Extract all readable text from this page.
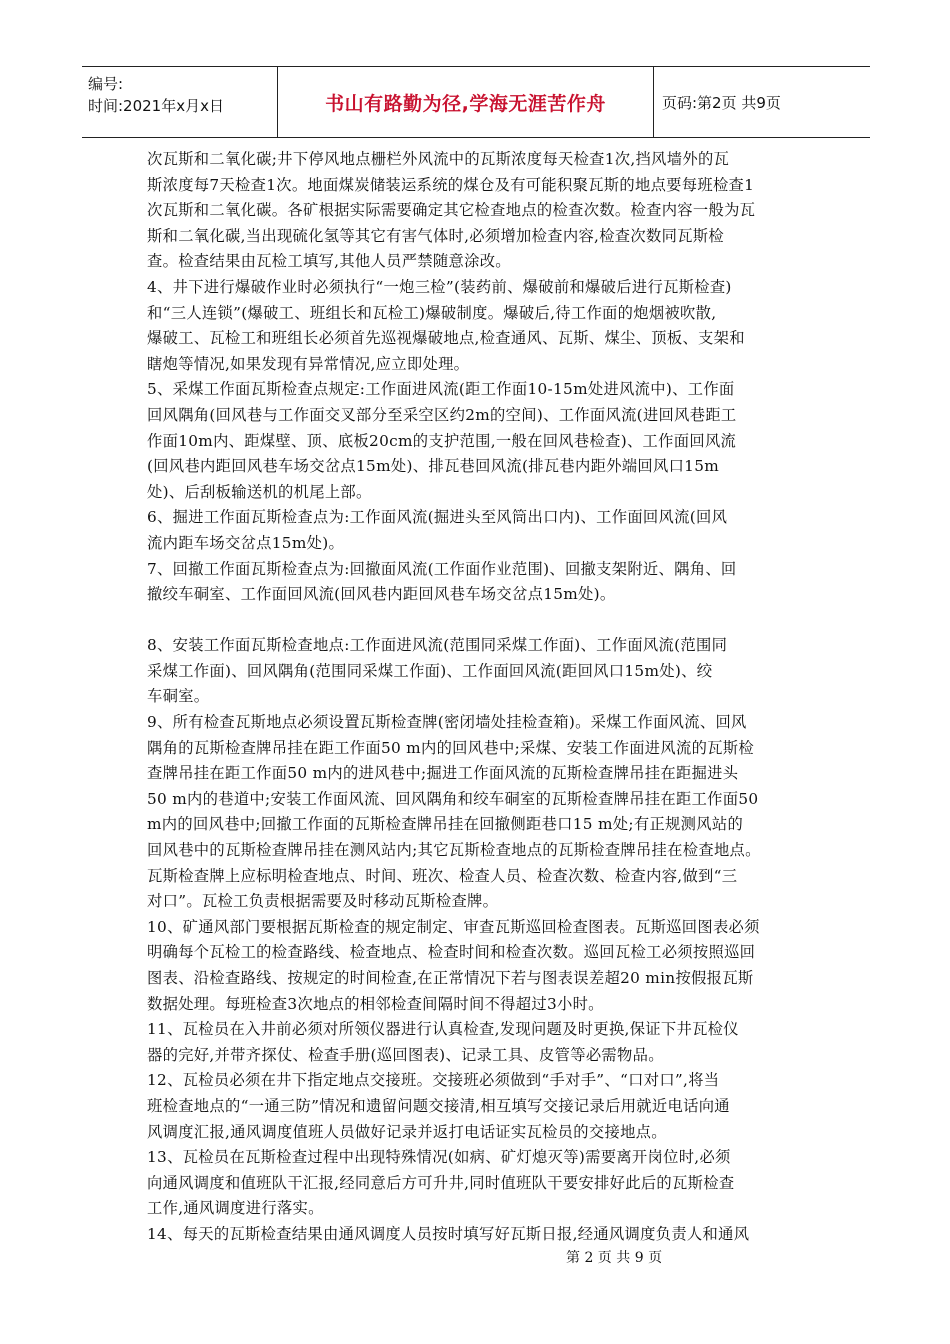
编号:
时间:2021年x月x日	书山有路勤为径,学海无涯苦作舟	页码:第2页 共9页
次瓦斯和二氧化碳;井下停风地点栅栏外风流中的瓦斯浓度每天检查1次,挡风墙外的瓦
斯浓度每7天检查1次。地面煤炭储装运系统的煤仓及有可能积聚瓦斯的地点要每班检查1
次瓦斯和二氧化碳。各矿根据实际需要确定其它检查地点的检查次数。检查内容一般为瓦
斯和二氧化碳,当出现硫化氢等其它有害气体时,必须增加检查内容,检查次数同瓦斯检
查。检查结果由瓦检工填写,其他人员严禁随意涂改。
4、井下进行爆破作业时必须执行“一炮三检”(装药前、爆破前和爆破后进行瓦斯检查)
和“三人连锁”(爆破工、班组长和瓦检工)爆破制度。爆破后,待工作面的炮烟被吹散,
爆破工、瓦检工和班组长必须首先巡视爆破地点,检查通风、瓦斯、煤尘、顶板、支架和
瞎炮等情况,如果发现有异常情况,应立即处理。
5、采煤工作面瓦斯检查点规定:工作面进风流(距工作面10-15m处进风流中)、工作面
回风隅角(回风巷与工作面交叉部分至采空区约2m的空间)、工作面风流(进回风巷距工
作面10m内、距煤壁、顶、底板20cm的支护范围,一般在回风巷检查)、工作面回风流
(回风巷内距回风巷车场交岔点15m处)、排瓦巷回风流(排瓦巷内距外端回风口15m
处)、后刮板输送机的机尾上部。
6、掘进工作面瓦斯检查点为:工作面风流(掘进头至风筒出口内)、工作面回风流(回风
流内距车场交岔点15m处)。
7、回撤工作面瓦斯检查点为:回撤面风流(工作面作业范围)、回撤支架附近、隅角、回
撤绞车硐室、工作面回风流(回风巷内距回风巷车场交岔点15m处)。
8、安装工作面瓦斯检查地点:工作面进风流(范围同采煤工作面)、工作面风流(范围同
采煤工作面)、回风隅角(范围同采煤工作面)、工作面回风流(距回风口15m处)、绞
车硐室。
9、所有检查瓦斯地点必须设置瓦斯检查牌(密闭墙处挂检查箱)。采煤工作面风流、回风
隅角的瓦斯检查牌吊挂在距工作面50 m内的回风巷中;采煤、安装工作面进风流的瓦斯检
查牌吊挂在距工作面50 m内的进风巷中;掘进工作面风流的瓦斯检查牌吊挂在距掘进头
50 m内的巷道中;安装工作面风流、回风隅角和绞车硐室的瓦斯检查牌吊挂在距工作面50
m内的回风巷中;回撤工作面的瓦斯检查牌吊挂在回撤侧距巷口15 m处;有正规测风站的
回风巷中的瓦斯检查牌吊挂在测风站内;其它瓦斯检查地点的瓦斯检查牌吊挂在检查地点。
瓦斯检查牌上应标明检查地点、时间、班次、检查人员、检查次数、检查内容,做到“三
对口”。瓦检工负责根据需要及时移动瓦斯检查牌。
10、矿通风部门要根据瓦斯检查的规定制定、审查瓦斯巡回检查图表。瓦斯巡回图表必须
明确每个瓦检工的检查路线、检查地点、检查时间和检查次数。巡回瓦检工必须按照巡回
图表、沿检查路线、按规定的时间检查,在正常情况下若与图表误差超20 min按假报瓦斯
数据处理。每班检查3次地点的相邻检查间隔时间不得超过3小时。
11、瓦检员在入井前必须对所领仪器进行认真检查,发现问题及时更换,保证下井瓦检仪
器的完好,并带齐探仗、检查手册(巡回图表)、记录工具、皮管等必需物品。
12、瓦检员必须在井下指定地点交接班。交接班必须做到“手对手”、“口对口”,将当
班检查地点的“一通三防”情况和遗留问题交接清,相互填写交接记录后用就近电话向通
风调度汇报,通风调度值班人员做好记录并返打电话证实瓦检员的交接地点。
13、瓦检员在瓦斯检查过程中出现特殊情况(如病、矿灯熄灭等)需要离开岗位时,必须
向通风调度和值班队干汇报,经同意后方可升井,同时值班队干要安排好此后的瓦斯检查
工作,通风调度进行落实。
14、每天的瓦斯检查结果由通风调度人员按时填写好瓦斯日报,经通风调度负责人和通风
第 2 页 共 9 页
